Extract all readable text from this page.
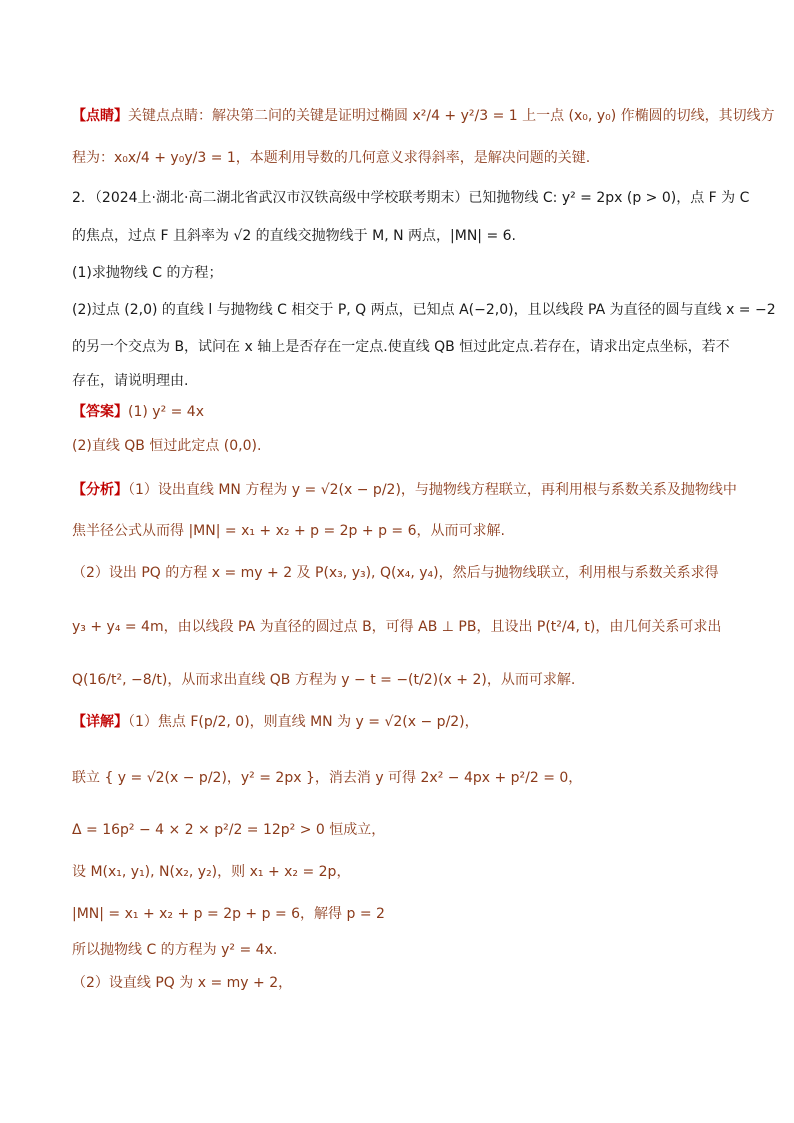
【点睛】关键点点睛：解决第二问的关键是证明过椭圆 x²/4 + y²/3 = 1 上一点 (x₀, y₀) 作椭圆的切线，其切线方
程为：x₀x/4 + y₀y/3 = 1，本题利用导数的几何意义求得斜率，是解决问题的关键.
2．（2024上·湖北·高二湖北省武汉市汉铁高级中学校联考期末）已知抛物线 C: y² = 2px (p > 0)，点 F 为 C
的焦点，过点 F 且斜率为 √2 的直线交抛物线于 M, N 两点，|MN| = 6.
(1)求抛物线 C 的方程；
(2)过点 (2,0) 的直线 l 与抛物线 C 相交于 P, Q 两点，已知点 A(−2,0)，且以线段 PA 为直径的圆与直线 x = −2
的另一个交点为 B，试问在 x 轴上是否存在一定点.使直线 QB 恒过此定点.若存在，请求出定点坐标，若不
存在，请说明理由.
【答案】(1) y² = 4x
(2)直线 QB 恒过此定点 (0,0).
【分析】（1）设出直线 MN 方程为 y = √2(x − p/2)，与抛物线方程联立，再利用根与系数关系及抛物线中
焦半径公式从而得 |MN| = x₁ + x₂ + p = 2p + p = 6，从而可求解.
（2）设出 PQ 的方程 x = my + 2 及 P(x₃, y₃), Q(x₄, y₄)，然后与抛物线联立，利用根与系数关系求得
y₃ + y₄ = 4m，由以线段 PA 为直径的圆过点 B，可得 AB ⊥ PB，且设出 P(t²/4, t)，由几何关系可求出
Q(16/t², −8/t)，从而求出直线 QB 方程为 y − t = −(t/2)(x + 2)，从而可求解.
【详解】（1）焦点 F(p/2, 0)，则直线 MN 为 y = √2(x − p/2)，
联立 { y = √2(x − p/2)，y² = 2px }，消去消 y 可得 2x² − 4px + p²/2 = 0，
Δ = 16p² − 4 × 2 × p²/2 = 12p² > 0 恒成立，
设 M(x₁, y₁), N(x₂, y₂)，则 x₁ + x₂ = 2p，
|MN| = x₁ + x₂ + p = 2p + p = 6，解得 p = 2
所以抛物线 C 的方程为 y² = 4x.
（2）设直线 PQ 为 x = my + 2，
